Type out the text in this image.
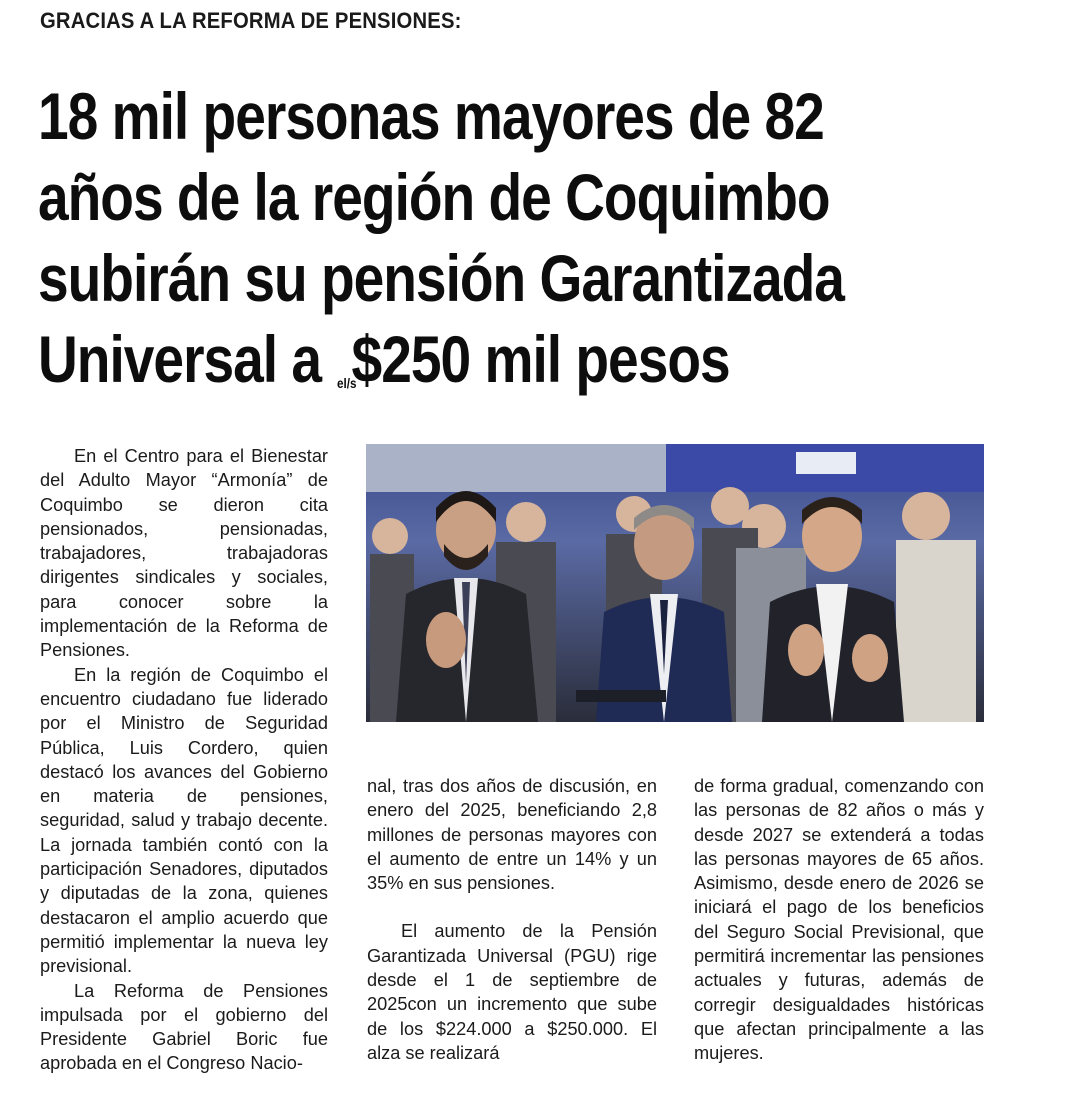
GRACIAS A LA REFORMA DE PENSIONES:
18 mil personas mayores de 82
años de la región de Coquimbo
subirán su pensión Garantizada
Universal a el/s$250 mil pesos

En el Centro para el Bienestar del Adulto Mayor “Armonía” de Coquimbo se dieron cita pensionados, pensionadas, trabajadores, trabajadoras dirigentes sindicales y sociales, para conocer sobre la implementación de la Reforma de Pensiones.

En la región de Coquimbo el encuentro ciudadano fue liderado por el Ministro de Seguridad Pública, Luis Cordero, quien destacó los avances del Gobierno en materia de pensiones, seguridad, salud y trabajo decente. La jornada también contó con la participación Senadores, diputados y diputadas de la zona, quienes destacaron el amplio acuerdo que permitió implementar la nueva ley previsional.

La Reforma de Pensiones impulsada por el gobierno del Presidente Gabriel Boric fue aprobada en el Congreso Nacio-

nal, tras dos años de discusión, en enero del 2025, beneficiando 2,8 millones de personas mayores con el aumento de entre un 14% y un 35% en sus pensiones.

El aumento de la Pensión Garantizada Universal (PGU) rige desde el 1 de septiembre de 2025con un incremento que sube de los $224.000 a $250.000. El alza se realizará

de forma gradual, comenzando con las personas de 82 años o más y desde 2027 se extenderá a todas las personas mayores de 65 años. Asimismo, desde enero de 2026 se iniciará el pago de los beneficios del Seguro Social Previsional, que permitirá incrementar las pensiones actuales y futuras, además de corregir desigualdades históricas que afectan principalmente a las mujeres.
